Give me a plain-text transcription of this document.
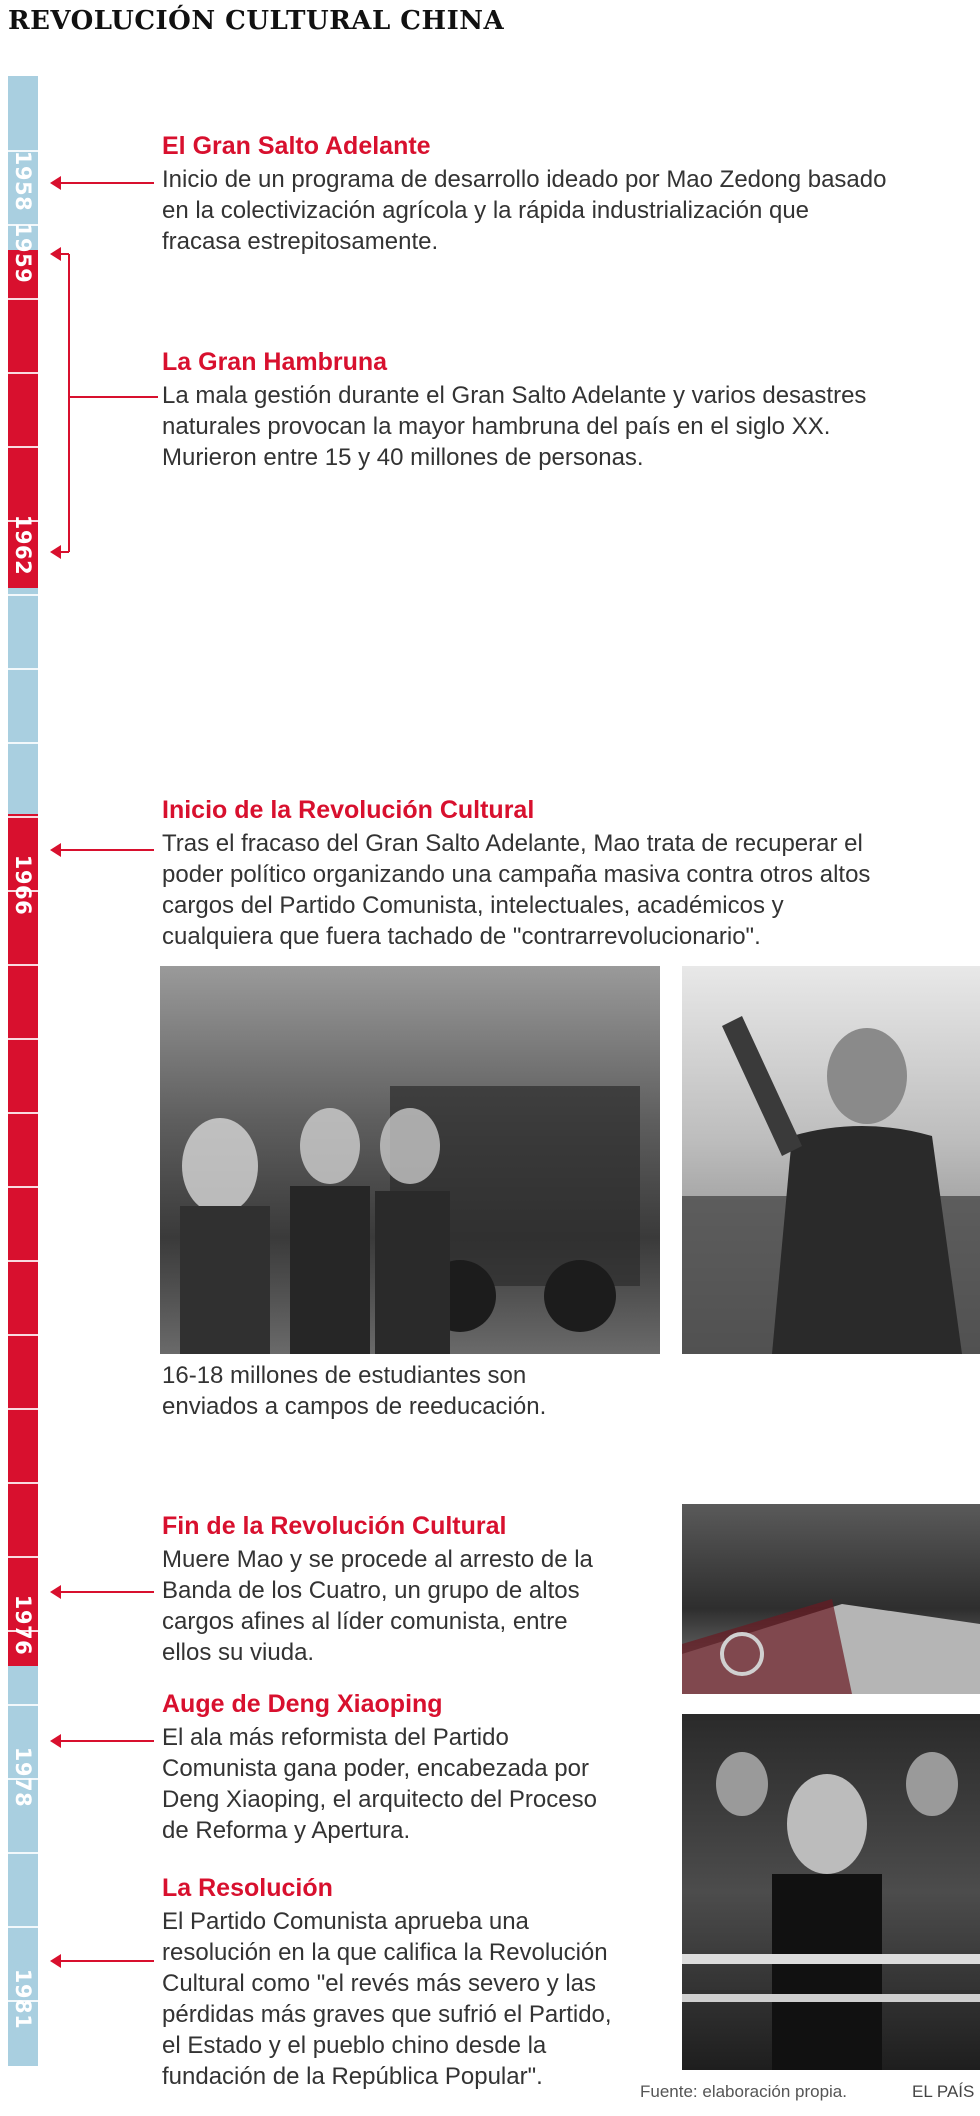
REVOLUCIÓN CULTURAL CHINA
1958
1959
1962
1966
1976
1978
1981
El Gran Salto Adelante
Inicio de un programa de desarrollo ideado por Mao Zedong basado
en la colectivización agrícola y la rápida industrialización que
fracasa estrepitosamente.
La Gran Hambruna
La mala gestión durante el Gran Salto Adelante y varios desastres
naturales provocan la mayor hambruna del país en el siglo XX.
Murieron entre 15 y 40 millones de personas.
Inicio de la Revolución Cultural
Tras el fracaso del Gran Salto Adelante, Mao trata de recuperar el
poder político organizando una campaña masiva contra otros altos
cargos del Partido Comunista, intelectuales, académicos y
cualquiera que fuera tachado de "contrarrevolucionario".
16-18 millones de estudiantes son
enviados a campos de reeducación.
Fin de la Revolución Cultural
Muere Mao y se procede al arresto de la
Banda de los Cuatro, un grupo de altos
cargos afines al líder comunista, entre
ellos su viuda.
Auge de Deng Xiaoping
El ala más reformista del Partido
Comunista gana poder, encabezada por
Deng Xiaoping, el arquitecto del Proceso
de Reforma y Apertura.
La Resolución
El Partido Comunista aprueba una
resolución en la que califica la Revolución
Cultural como "el revés más severo y las
pérdidas más graves que sufrió el Partido,
el Estado y el pueblo chino desde la
fundación de la República Popular".
Fuente: elaboración propia.	EL PAÍS
